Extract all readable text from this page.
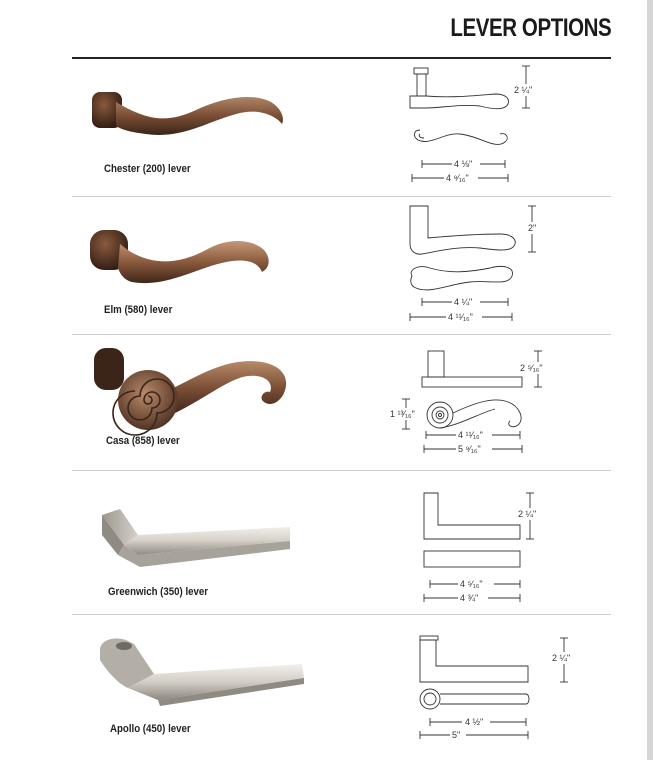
LEVER OPTIONS
Chester (200) lever
2 ¼"
4 ⅛"
4 ⁹⁄₁₆"
Elm (580) lever
2"
4 ¼"
4 ¹¹⁄₁₆"
Casa (858) lever
2 ⁵⁄₁₆"
1 ¹³⁄₁₆"
4 ¹¹⁄₁₆"
5 ⁹⁄₁₆"
Greenwich (350) lever
2 ¼"
4 ⁵⁄₁₆"
4 ¾"
Apollo (450) lever
2 ¼"
4 ½"
5"
